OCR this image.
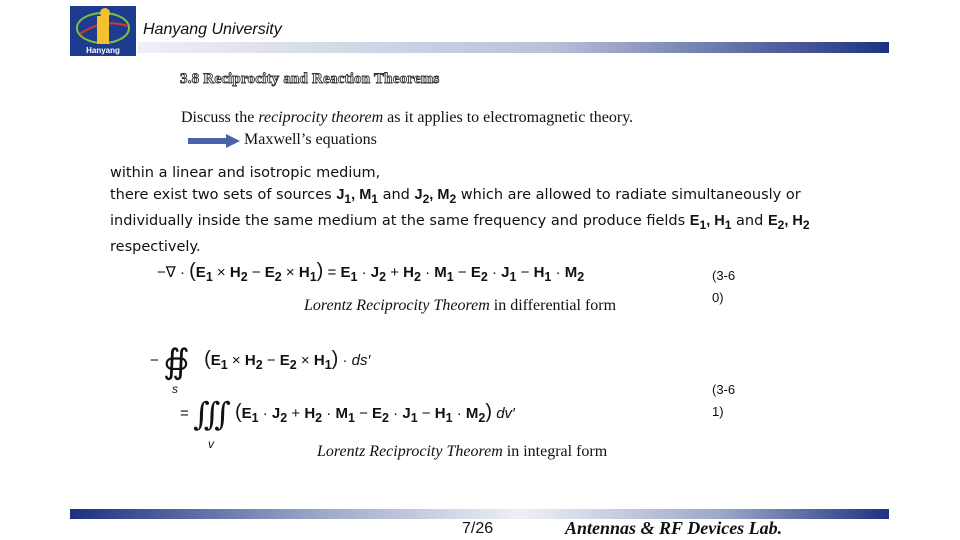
Hanyang
Hanyang University
3.8 Reciprocity and Reaction Theorems
Discuss the reciprocity theorem as it applies to electromagnetic theory.
Maxwell’s equations
within a linear and isotropic medium,
there exist two sets of sources $J_1$, $M_1$ and $J_2$, $M_2$ which are allowed to radiate simultaneously or
individually inside the same medium at the same frequency and produce fields $E_1$, $H_1$ and $E_2$, $H_2$
respectively.
−∇ · $(E_1 \times H_2 - E_2 \times H_1) = E_1 \cdot J_2 + H_2 \cdot M_1 - E_2 \cdot J_1 - H_1 \cdot M_2$	(3-60)
Lorentz Reciprocity Theorem in differential form
− ∯ $_s$ $(E_1 \times H_2 - E_2 \times H_1) \cdot ds'$
(3-61)
= ∭ $(E_1 \cdot J_2 + H_2 \cdot M_1 - E_2 \cdot J_1 - H_1 \cdot M_2)$ dv′
v	Lorentz Reciprocity Theorem in integral form
7/26	Antennas & RF Devices Lab.
